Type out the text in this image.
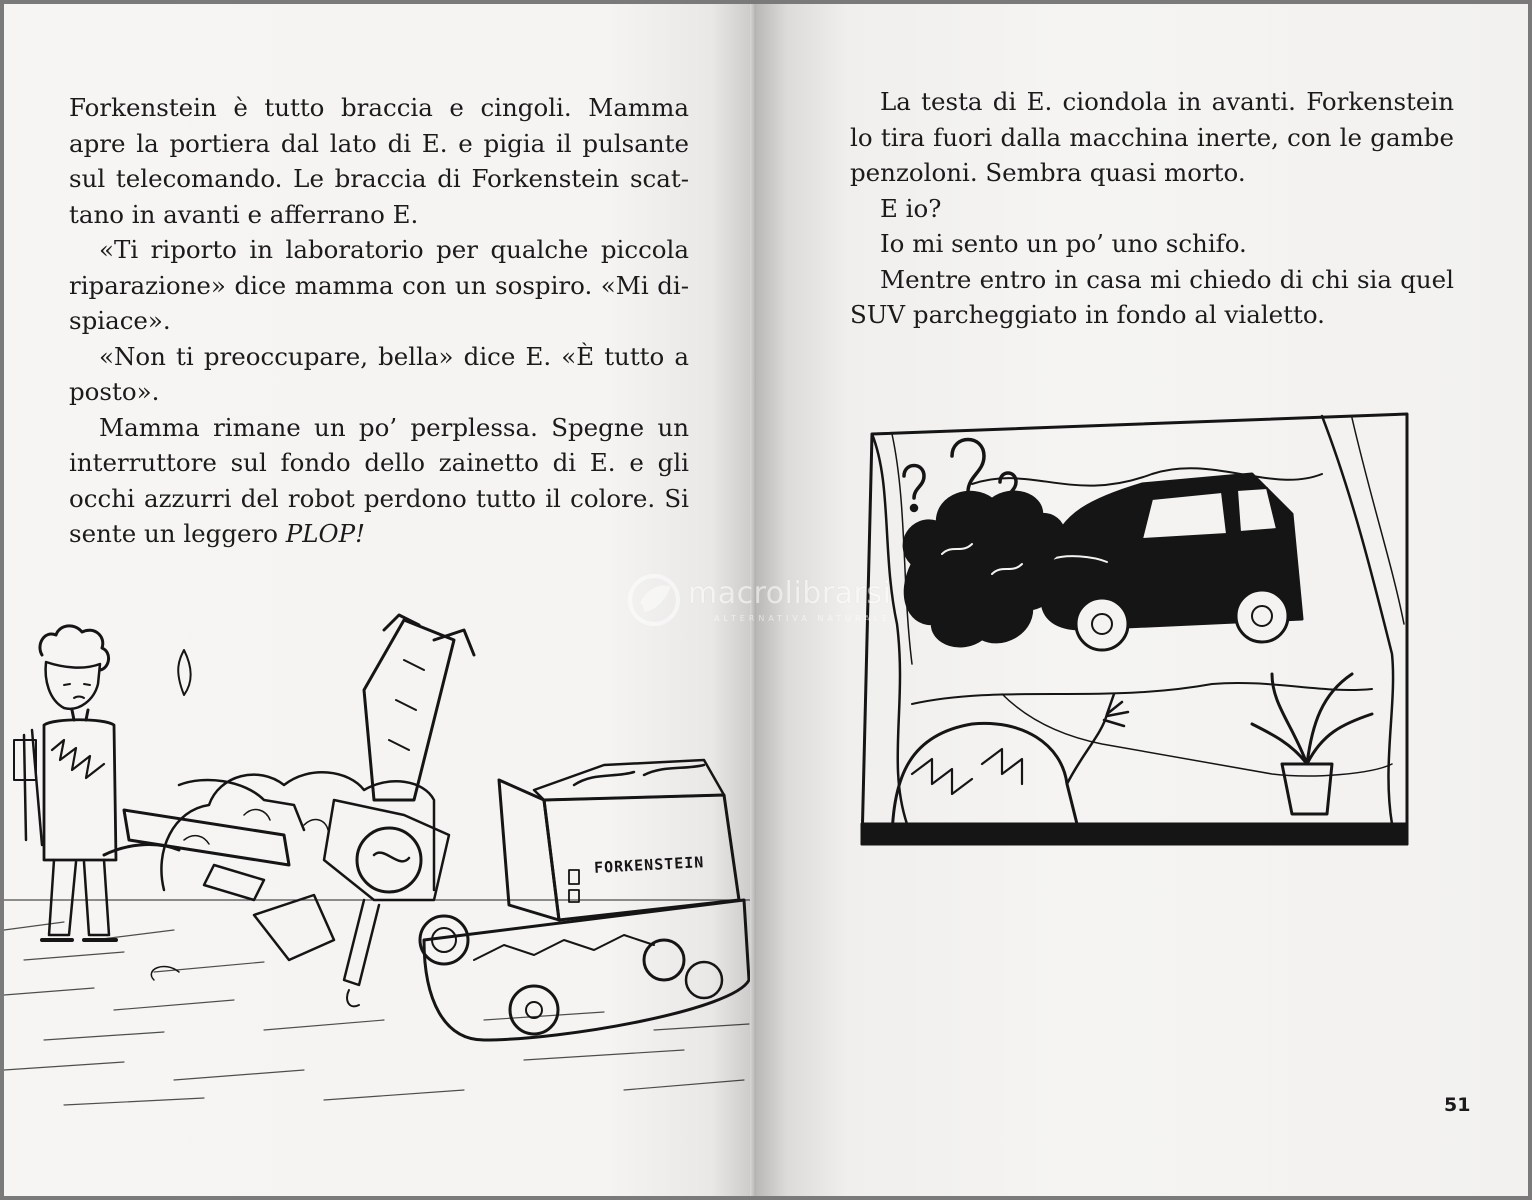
Forkenstein è tutto braccia e cingoli. Mamma apre la portiera dal lato di E. e pigia il pulsante sul telecomando. Le braccia di Forkenstein scat-tano in avanti e afferrano E.

«Ti riporto in laboratorio per qualche piccola riparazione» dice mamma con un sospiro. «Mi di-spiace».

«Non ti preoccupare, bella» dice E. «È tutto a posto».

Mamma rimane un po’ perplessa. Spegne un interruttore sul fondo dello zainetto di E. e gli occhi azzurri del robot perdono tutto il colore. Si sente un leggero PLOP!

FORKENSTEIN

La testa di E. ciondola in avanti. Forkenstein lo tira fuori dalla macchina inerte, con le gambe penzoloni. Sembra quasi morto.

E io?

Io mi sento un po’ uno schifo.

Mentre entro in casa mi chiedo di chi sia quel SUV parcheggiato in fondo al vialetto.

51
macrolibrarsi
ALTERNATIVA NATURALE
